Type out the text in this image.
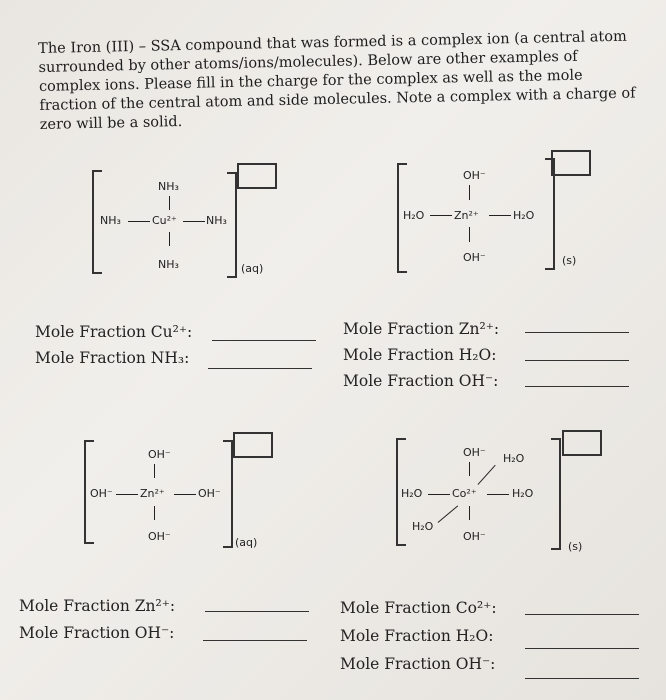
The Iron (III) – SSA compound that was formed is a complex ion (a central atom surrounded by other atoms/ions/molecules). Below are other examples of complex ions. Please fill in the charge for the complex as well as the mole fraction of the central atom and side molecules. Note a complex with a charge of zero will be a solid.
NH₃
NH₃	Cu²⁺	NH₃
NH₃	(aq)
OH⁻
H₂O	Zn²⁺	H₂O
OH⁻	(s)
Mole Fraction Cu²⁺:
Mole Fraction NH₃:
Mole Fraction Zn²⁺:
Mole Fraction H₂O:
Mole Fraction OH⁻:
OH⁻
OH⁻ Zn²⁺	OH⁻
OH⁻	(aq)
OH⁻ H₂O
H₂O	Co²⁺	H₂O
H₂O
OH⁻
(s)
Mole Fraction Zn²⁺:
Mole Fraction OH⁻:
Mole Fraction Co²⁺:
Mole Fraction H₂O:
Mole Fraction OH⁻:
